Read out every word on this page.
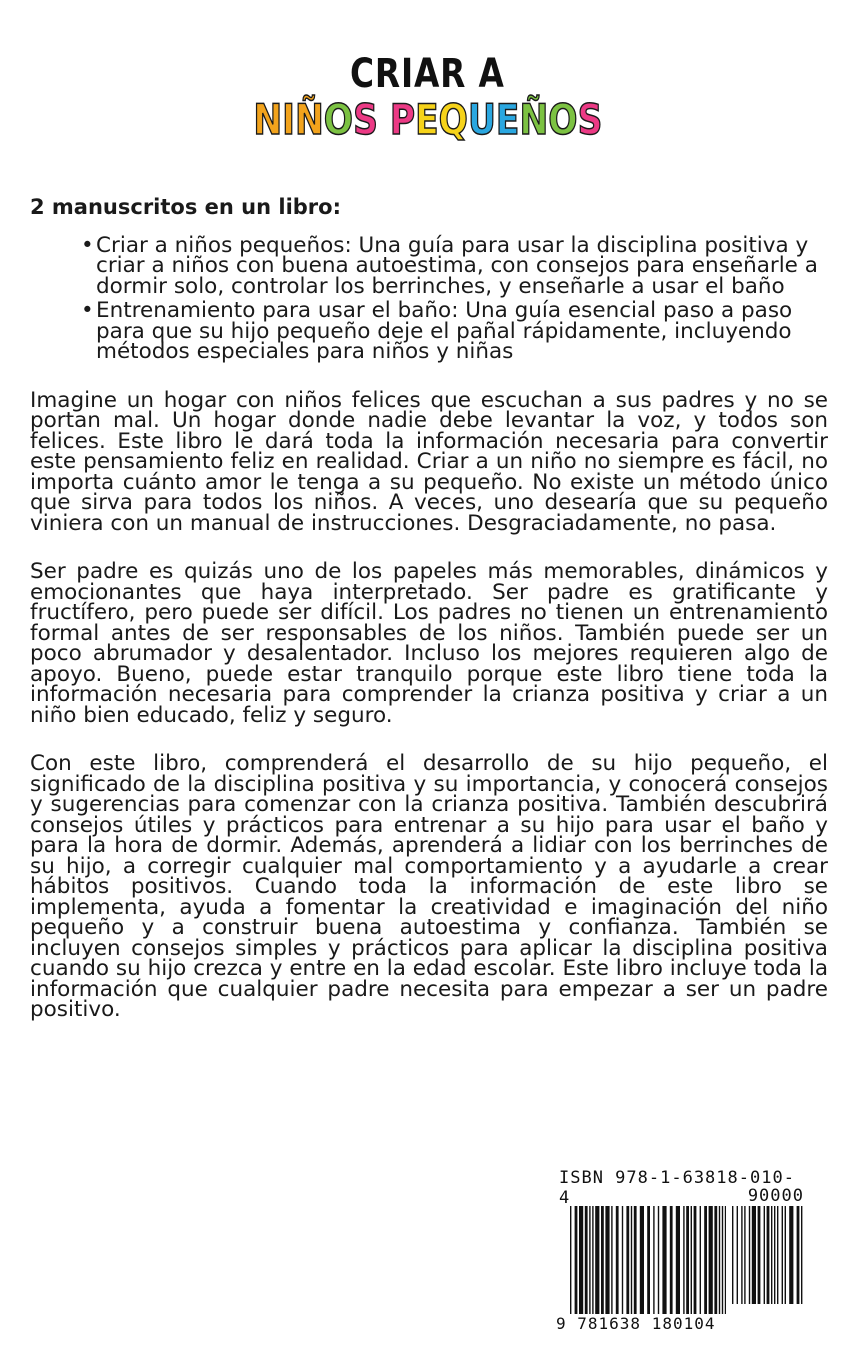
CRIAR A
NIÑOS PEQUEÑOS
2 manuscritos en un libro:
• Criar a niños pequeños: Una guía para usar la disciplina positiva y criar a niños con buena autoestima, con consejos para enseñarle a dormir solo, controlar los berrinches, y enseñarle a usar el baño
• Entrenamiento para usar el baño: Una guía esencial paso a paso para que su hijo pequeño deje el pañal rápidamente, incluyendo métodos especiales para niños y niñas

Imagine un hogar con niños felices que escuchan a sus padres y no se portan mal. Un hogar donde nadie debe levantar la voz, y todos son felices. Este libro le dará toda la información necesaria para convertir este pensamiento feliz en realidad. Criar a un niño no siempre es fácil, no importa cuánto amor le tenga a su pequeño. No existe un método único que sirva para todos los niños. A veces, uno desearía que su pequeño viniera con un manual de instrucciones. Desgraciadamente, no pasa.

Ser padre es quizás uno de los papeles más memorables, dinámicos y emocionantes que haya interpretado. Ser padre es gratificante y fructífero, pero puede ser difícil. Los padres no tienen un entrenamiento formal antes de ser responsables de los niños. También puede ser un poco abrumador y desalentador. Incluso los mejores requieren algo de apoyo. Bueno, puede estar tranquilo porque este libro tiene toda la información necesaria para comprender la crianza positiva y criar a un niño bien educado, feliz y seguro.

Con este libro, comprenderá el desarrollo de su hijo pequeño, el significado de la disciplina positiva y su importancia, y conocerá consejos y sugerencias para comenzar con la crianza positiva. También descubrirá consejos útiles y prácticos para entrenar a su hijo para usar el baño y para la hora de dormir. Además, aprenderá a lidiar con los berrinches de su hijo, a corregir cualquier mal comportamiento y a ayudarle a crear hábitos positivos. Cuando toda la información de este libro se implementa, ayuda a fomentar la creatividad e imaginación del niño pequeño y a construir buena autoestima y confianza. También se incluyen consejos simples y prácticos para aplicar la disciplina positiva cuando su hijo crezca y entre en la edad escolar. Este libro incluye toda la información que cualquier padre necesita para empezar a ser un padre positivo.

ISBN 978-1-63818-010-4	90000
9 781638 180104
